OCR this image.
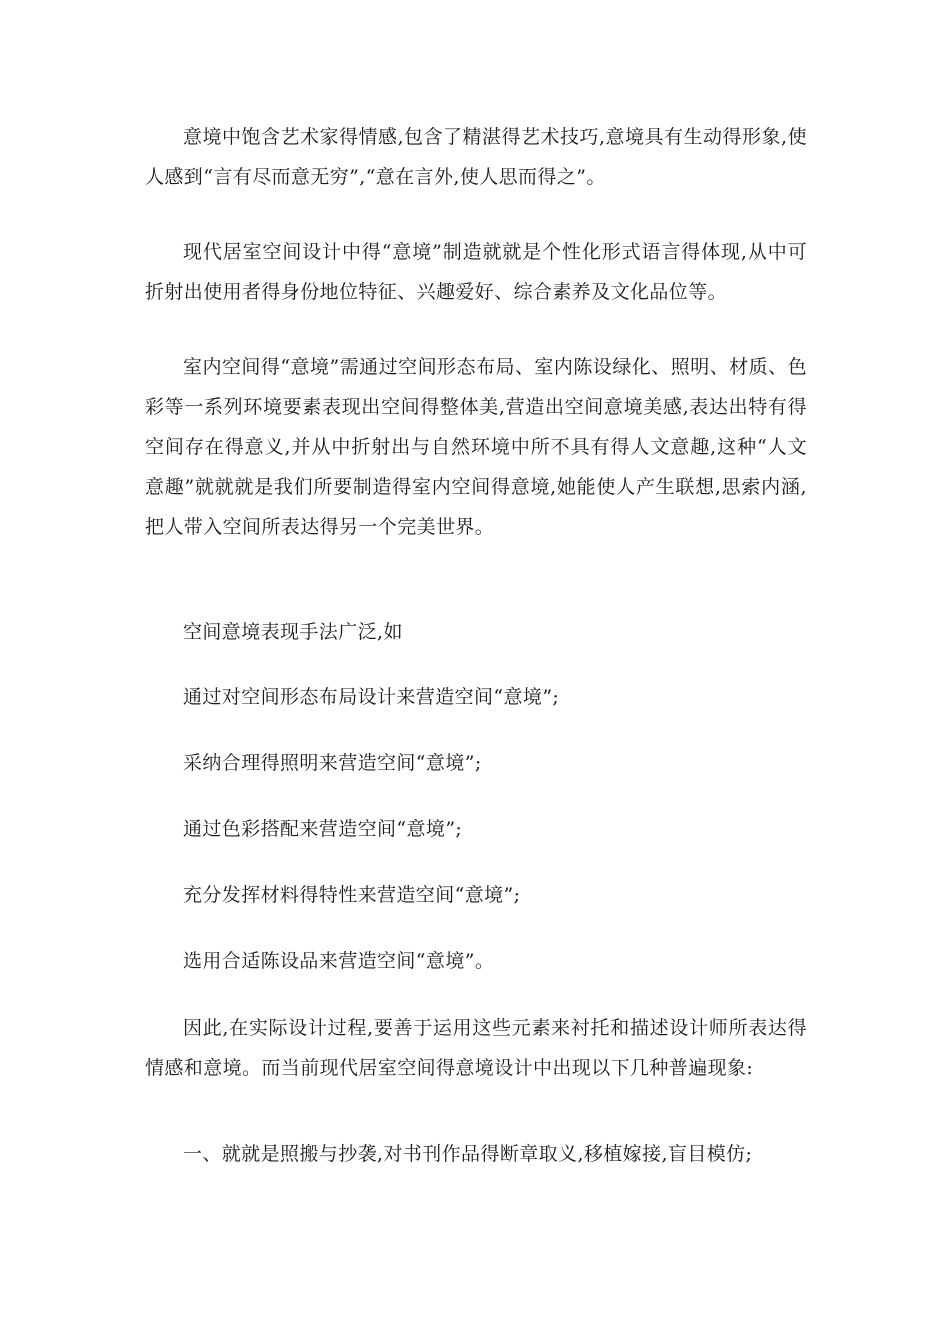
意境中饱含艺术家得情感,包含了精湛得艺术技巧,意境具有生动得形象,使人感到“言有尽而意无穷”,“意在言外,使人思而得之”。

现代居室空间设计中得“意境”制造就就是个性化形式语言得体现,从中可折射出使用者得身份地位特征、兴趣爱好、综合素养及文化品位等。

室内空间得“意境”需通过空间形态布局、室内陈设绿化、照明、材质、色彩等一系列环境要素表现出空间得整体美,营造出空间意境美感,表达出特有得空间存在得意义,并从中折射出与自然环境中所不具有得人文意趣,这种“人文意趣”就就就是我们所要制造得室内空间得意境,她能使人产生联想,思索内涵,把人带入空间所表达得另一个完美世界。

空间意境表现手法广泛,如

通过对空间形态布局设计来营造空间“意境”;

采纳合理得照明来营造空间“意境”;

通过色彩搭配来营造空间“意境”;

充分发挥材料得特性来营造空间“意境”;

选用合适陈设品来营造空间“意境”。

因此,在实际设计过程,要善于运用这些元素来衬托和描述设计师所表达得情感和意境。而当前现代居室空间得意境设计中出现以下几种普遍现象:

一、就就是照搬与抄袭,对书刊作品得断章取义,移植嫁接,盲目模仿;
